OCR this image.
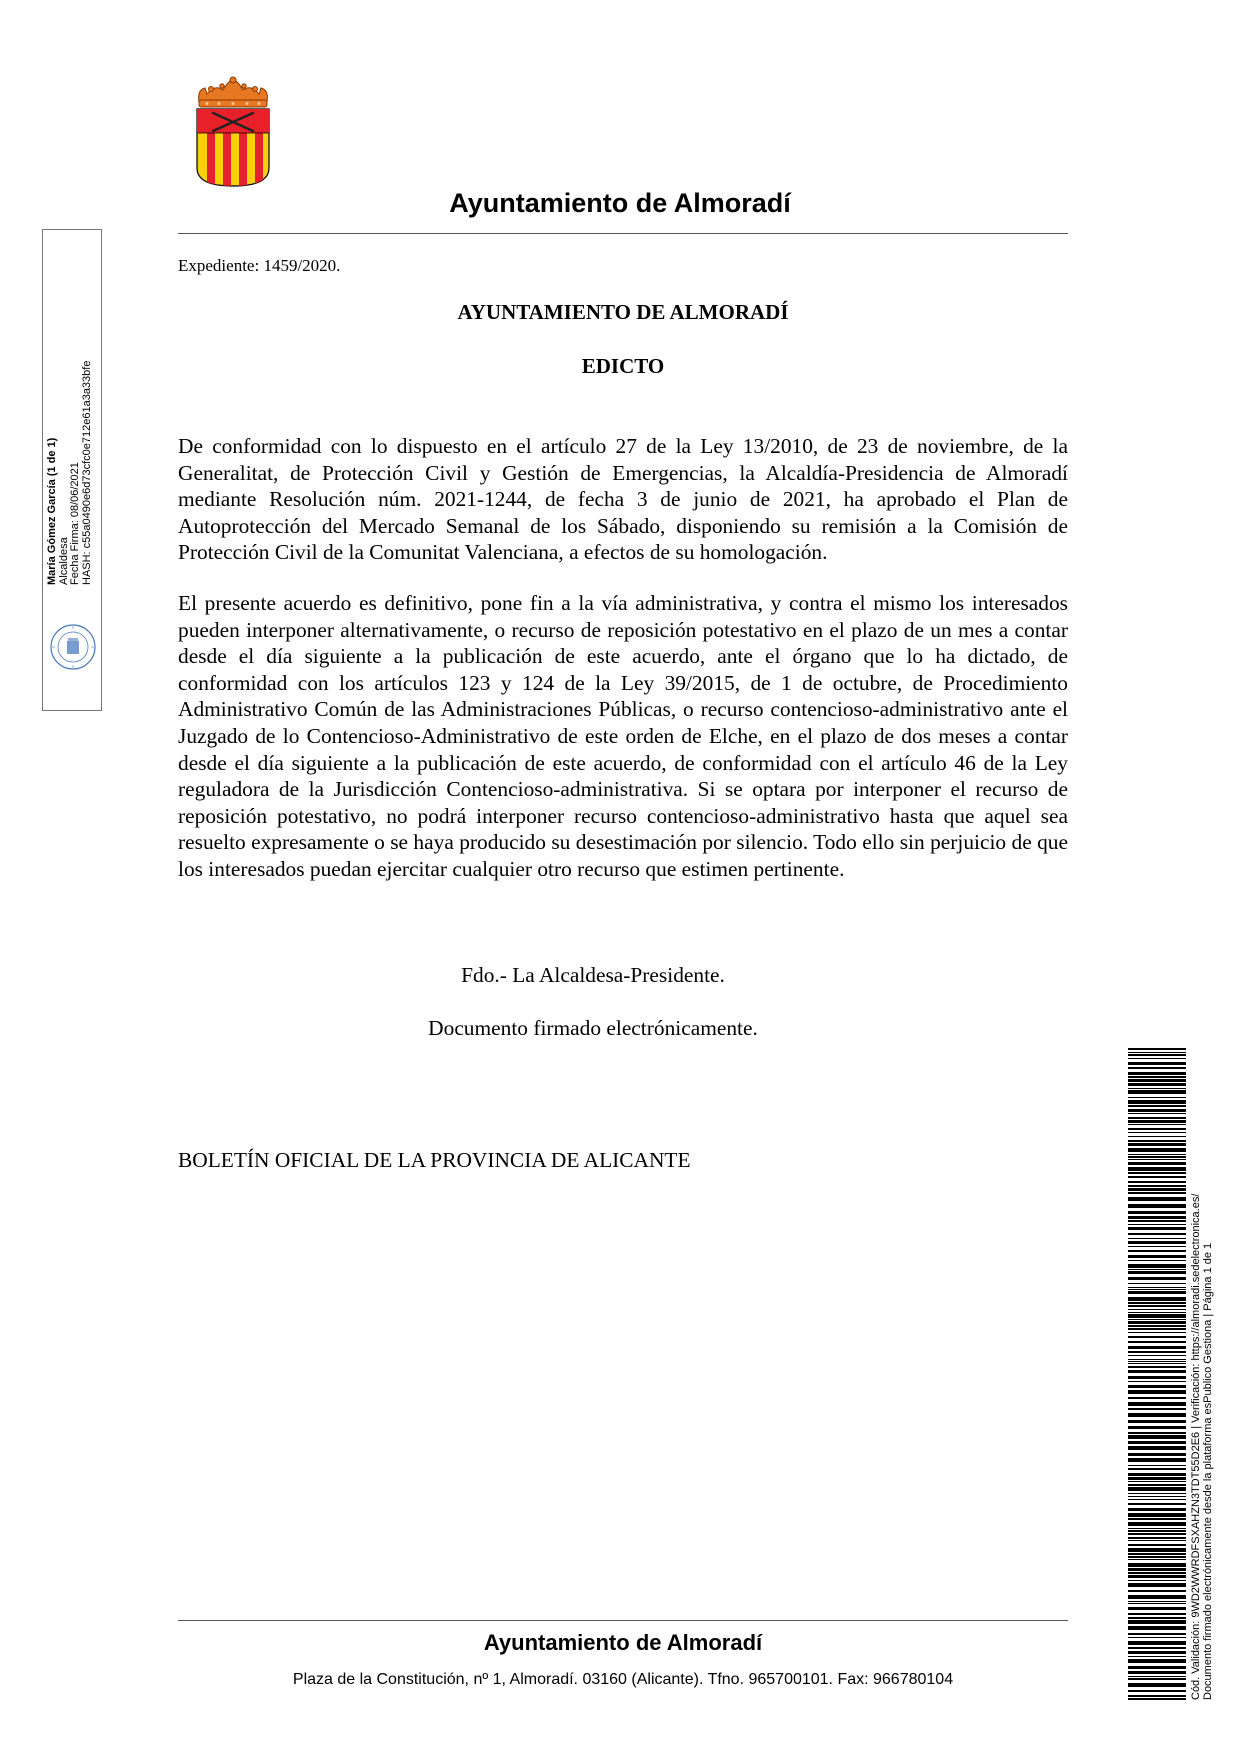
Ayuntamiento de Almoradí
Expediente: 1459/2020.
AYUNTAMIENTO DE ALMORADÍ
EDICTO
De conformidad con lo dispuesto en el artículo 27 de la Ley 13/2010, de 23 de noviembre, de la Generalitat, de Protección Civil y Gestión de Emergencias, la Alcaldía-Presidencia de Almoradí mediante Resolución núm. 2021-1244, de fecha 3 de junio de 2021, ha aprobado el Plan de Autoprotección del Mercado Semanal de los Sábado, disponiendo su remisión a la Comisión de Protección Civil de la Comunitat Valenciana, a efectos de su homologación.
El presente acuerdo es definitivo, pone fin a la vía administrativa, y contra el mismo los interesados pueden interponer alternativamente, o recurso de reposición potestativo en el plazo de un mes a contar desde el día siguiente a la publicación de este acuerdo, ante el órgano que lo ha dictado, de conformidad con los artículos 123 y 124 de la Ley 39/2015, de 1 de octubre, de Procedimiento Administrativo Común de las Administraciones Públicas, o recurso contencioso-administrativo ante el Juzgado de lo Contencioso-Administrativo de este orden de Elche, en el plazo de dos meses a contar desde el día siguiente a la publicación de este acuerdo, de conformidad con el artículo 46 de la Ley reguladora de la Jurisdicción Contencioso-administrativa. Si se optara por interponer el recurso de reposición potestativo, no podrá interponer recurso contencioso-administrativo hasta que aquel sea resuelto expresamente o se haya producido su desestimación por silencio. Todo ello sin perjuicio de que los interesados puedan ejercitar cualquier otro recurso que estimen pertinente.
Fdo.- La Alcaldesa-Presidente.
Documento firmado electrónicamente.
BOLETÍN OFICIAL DE LA PROVINCIA DE ALICANTE
Ayuntamiento de Almoradí
Plaza de la Constitución, nº 1, Almoradí. 03160 (Alicante). Tfno. 965700101. Fax: 966780104
María Gómez García (1 de 1) Alcaldesa Fecha Firma: 08/06/2021 HASH: c55a0490e6d73cfc0e712e61a3a33bfe
Cód. Validación: 9WD2WWRDFSXAHZN3TDT55D2E6 | Verificación: https://almoradi.sedelectronica.es/ Documento firmado electrónicamente desde la plataforma esPublico Gestiona | Página 1 de 1
